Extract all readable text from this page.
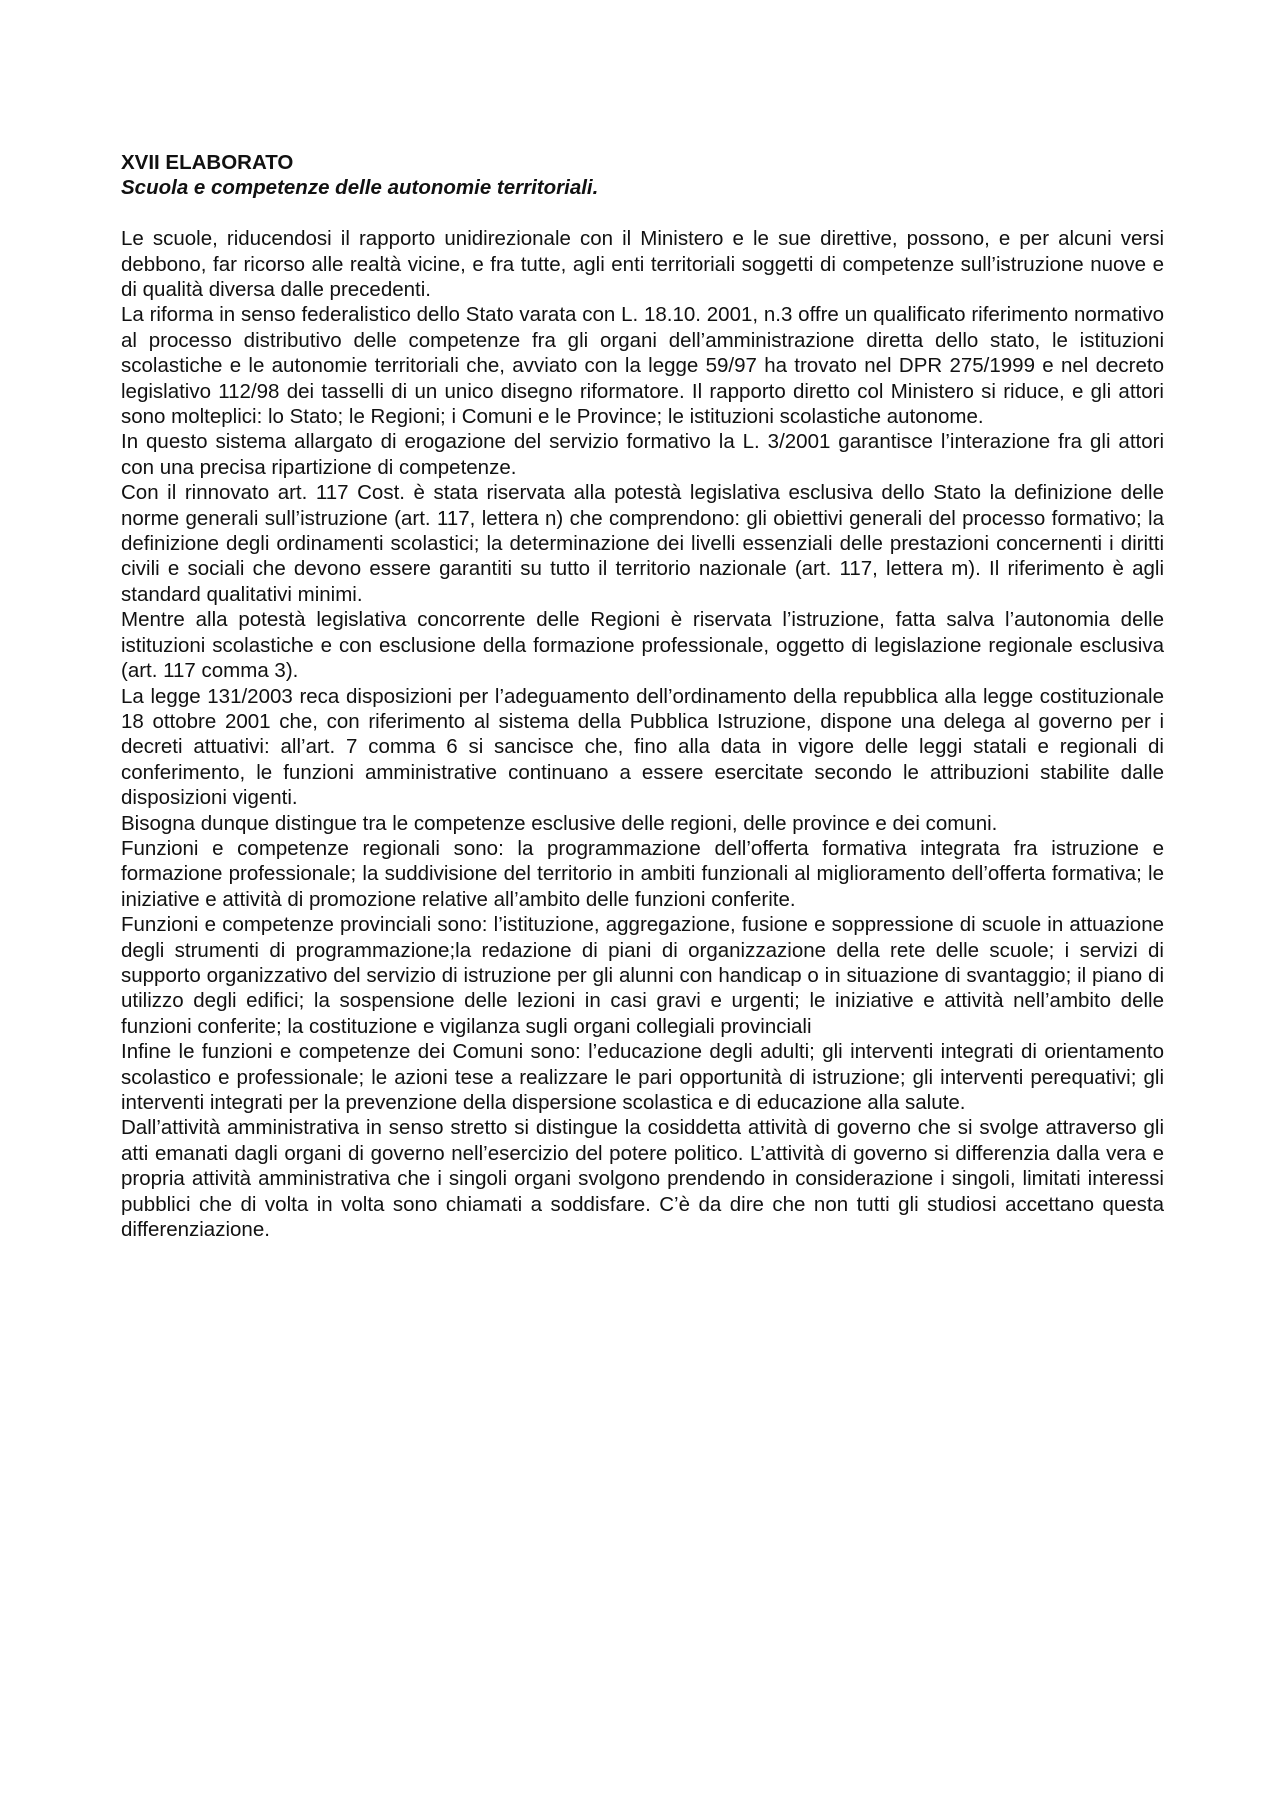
XVII ELABORATO

Scuola e competenze delle autonomie territoriali.

Le scuole, riducendosi il rapporto unidirezionale con il Ministero e le sue direttive, possono, e per alcuni versi debbono, far ricorso alle realtà vicine, e fra tutte, agli enti territoriali soggetti di competenze sull’istruzione nuove e di qualità diversa dalle precedenti.

La riforma in senso federalistico dello Stato varata con L. 18.10. 2001, n.3 offre un qualificato riferimento normativo al processo distributivo delle competenze fra gli organi dell’amministrazione diretta dello stato, le istituzioni scolastiche e le autonomie territoriali che, avviato con la legge 59/97 ha trovato nel DPR 275/1999 e nel decreto legislativo 112/98 dei tasselli di un unico disegno riformatore. Il rapporto diretto col Ministero si riduce, e gli attori sono molteplici: lo Stato; le Regioni; i Comuni e le Province; le istituzioni scolastiche autonome.

In questo sistema allargato di erogazione del servizio formativo la L. 3/2001 garantisce l’interazione fra gli attori con una precisa ripartizione di competenze.

Con il rinnovato art. 117 Cost. è stata riservata alla potestà legislativa esclusiva dello Stato la definizione delle norme generali sull’istruzione (art. 117, lettera n) che comprendono: gli obiettivi generali del processo formativo; la definizione degli ordinamenti scolastici; la determinazione dei livelli essenziali delle prestazioni concernenti i diritti civili e sociali che devono essere garantiti su tutto il territorio nazionale (art. 117, lettera m). Il riferimento è agli standard qualitativi minimi.

Mentre alla potestà legislativa concorrente delle Regioni è riservata l’istruzione, fatta salva l’autonomia delle istituzioni scolastiche e con esclusione della formazione professionale, oggetto di legislazione regionale esclusiva (art. 117 comma 3).

La legge 131/2003 reca disposizioni per l’adeguamento dell’ordinamento della repubblica alla legge costituzionale 18 ottobre 2001 che, con riferimento al sistema della Pubblica Istruzione, dispone una delega al governo per i decreti attuativi: all’art. 7 comma 6 si sancisce che, fino alla data in vigore delle leggi statali e regionali di conferimento, le funzioni amministrative continuano a essere esercitate secondo le attribuzioni stabilite dalle disposizioni vigenti.

Bisogna dunque distingue tra le competenze esclusive delle regioni, delle province e dei comuni.

Funzioni e competenze regionali sono: la programmazione dell’offerta formativa integrata fra istruzione e formazione professionale; la suddivisione del territorio in ambiti funzionali al miglioramento dell’offerta formativa; le iniziative e attività di promozione relative all’ambito delle funzioni conferite.

Funzioni e competenze provinciali sono: l’istituzione, aggregazione, fusione e soppressione di scuole in attuazione degli strumenti di programmazione;la redazione di piani di organizzazione della rete delle scuole; i servizi di supporto organizzativo del servizio di istruzione per gli alunni con handicap o in situazione di svantaggio; il piano di utilizzo degli edifici; la sospensione delle lezioni in casi gravi e urgenti; le iniziative e attività nell’ambito delle funzioni conferite; la costituzione e vigilanza sugli organi collegiali provinciali

Infine le funzioni e competenze dei Comuni sono: l’educazione degli adulti; gli interventi integrati di orientamento scolastico e professionale; le azioni tese a realizzare le pari opportunità di istruzione; gli interventi perequativi; gli interventi integrati per la prevenzione della dispersione scolastica e di educazione alla salute.

Dall’attività amministrativa in senso stretto si distingue la cosiddetta attività di governo che si svolge attraverso gli atti emanati dagli organi di governo nell’esercizio del potere politico. L’attività di governo si differenzia dalla vera e propria attività amministrativa che i singoli organi svolgono prendendo in considerazione i singoli, limitati interessi pubblici che di volta in volta sono chiamati a soddisfare. C’è da dire che non tutti gli studiosi accettano questa differenziazione.
